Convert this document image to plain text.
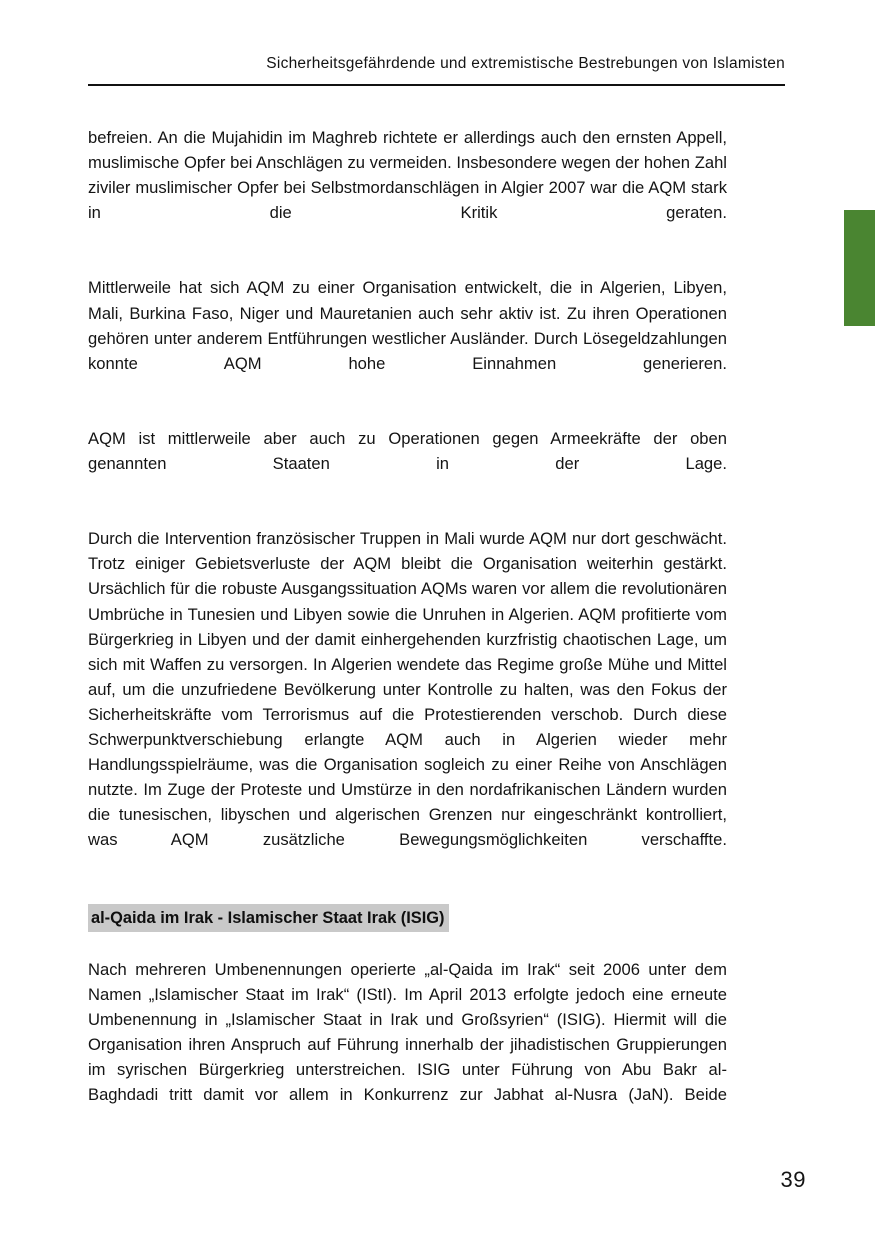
Sicherheitsgefährdende und extremistische Bestrebungen von Islamisten

befreien. An die Mujahidin im Maghreb richtete er allerdings auch den ernsten Appell, muslimische Opfer bei Anschlägen zu vermeiden. Insbesondere wegen der hohen Zahl ziviler muslimischer Opfer bei Selbstmordanschlägen in Algier 2007 war die AQM stark in die Kritik geraten.

Mittlerweile hat sich AQM zu einer Organisation entwickelt, die in Algerien, Libyen, Mali, Burkina Faso, Niger und Mauretanien auch sehr aktiv ist. Zu ihren Operationen gehören unter anderem Entführungen westlicher Ausländer. Durch Lösegeldzahlungen konnte AQM hohe Einnahmen generieren.

AQM ist mittlerweile aber auch zu Operationen gegen Armeekräfte der oben genannten Staaten in der Lage.

Durch die Intervention französischer Truppen in Mali wurde AQM nur dort geschwächt. Trotz einiger Gebietsverluste der AQM bleibt die Organisation weiterhin gestärkt. Ursächlich für die robuste Ausgangssituation AQMs waren vor allem die revolutionären Umbrüche in Tunesien und Libyen sowie die Unruhen in Algerien. AQM profitierte vom Bürgerkrieg in Libyen und der damit einhergehenden kurzfristig chaotischen Lage, um sich mit Waffen zu versorgen. In Algerien wendete das Regime große Mühe und Mittel auf, um die unzufriedene Bevölkerung unter Kontrolle zu halten, was den Fokus der Sicherheitskräfte vom Terrorismus auf die Protestierenden verschob. Durch diese Schwerpunktverschiebung erlangte AQM auch in Algerien wieder mehr Handlungsspielräume, was die Organisation sogleich zu einer Reihe von Anschlägen nutzte. Im Zuge der Proteste und Umstürze in den nordafrikanischen Ländern wurden die tunesischen, libyschen und algerischen Grenzen nur eingeschränkt kontrolliert, was AQM zusätzliche Bewegungsmöglichkeiten verschaffte.

al-Qaida im Irak - Islamischer Staat Irak (ISIG)

Nach mehreren Umbenennungen operierte „al-Qaida im Irak“ seit 2006 unter dem Namen „Islamischer Staat im Irak“ (IStI). Im April 2013 erfolgte jedoch eine erneute Umbenennung in „Islamischer Staat in Irak und Großsyrien“ (ISIG). Hiermit will die Organisation ihren Anspruch auf Führung innerhalb der jihadistischen Gruppierungen im syrischen Bürgerkrieg unterstreichen. ISIG unter Führung von Abu Bakr al-Baghdadi tritt damit vor allem in Konkurrenz zur Jabhat al-Nusra (JaN). Beide

39
